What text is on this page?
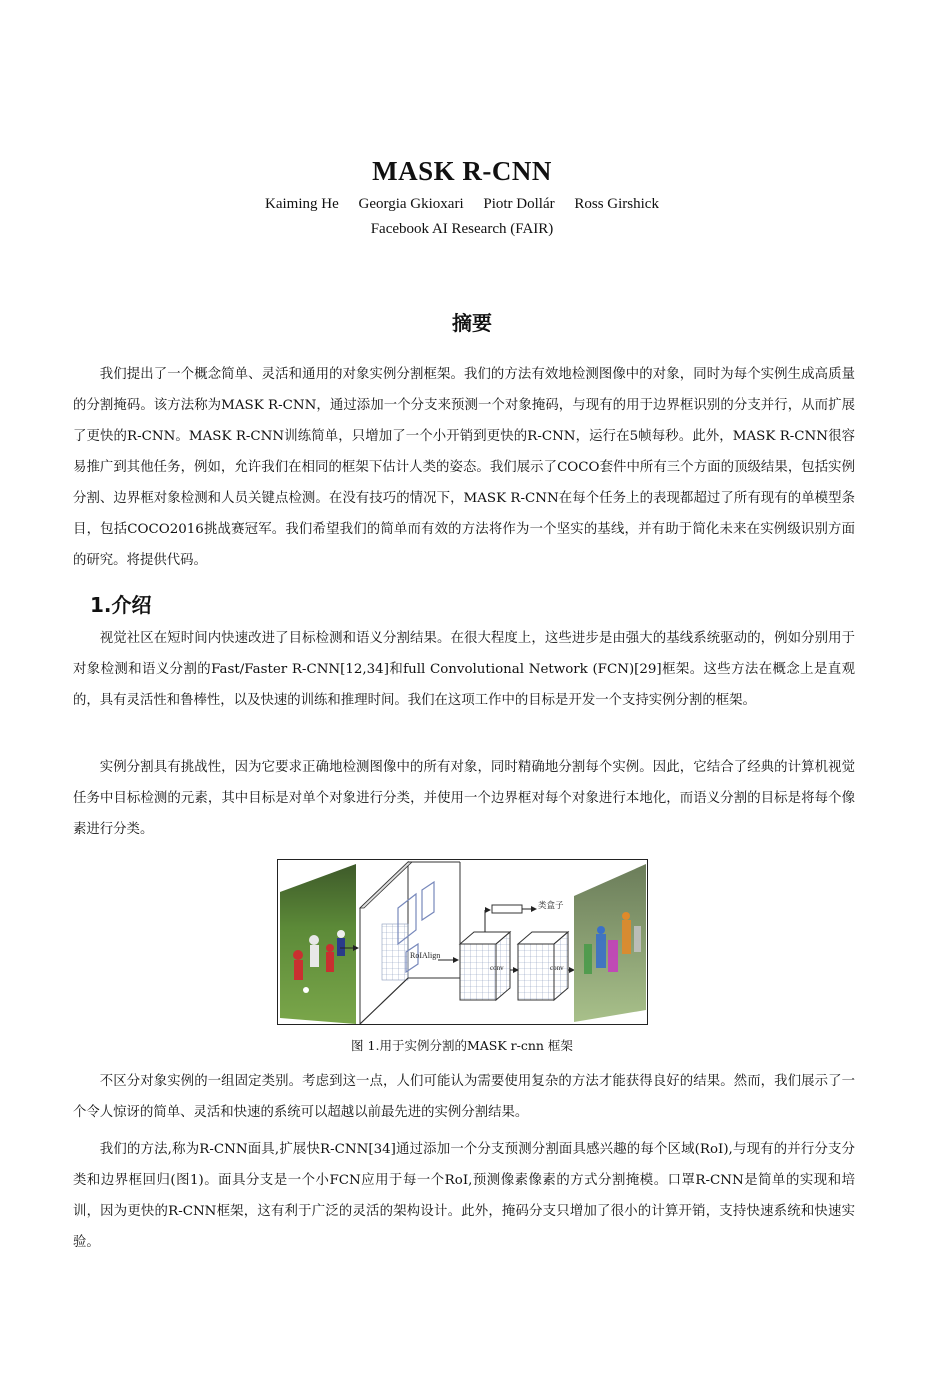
MASK R-CNN
Kaiming He Georgia Gkioxari Piotr Dollár Ross Girshick
Facebook AI Research (FAIR)
摘要

我们提出了一个概念简单、灵活和通用的对象实例分割框架。我们的方法有效地检测图像中的对象，同时为每个实例生成高质量的分割掩码。该方法称为MASK R-CNN，通过添加一个分支来预测一个对象掩码，与现有的用于边界框识别的分支并行，从而扩展了更快的R-CNN。MASK R-CNN训练简单，只增加了一个小开销到更快的R-CNN，运行在5帧每秒。此外，MASK R-CNN很容易推广到其他任务，例如，允许我们在相同的框架下估计人类的姿态。我们展示了COCO套件中所有三个方面的顶级结果，包括实例分割、边界框对象检测和人员关键点检测。在没有技巧的情况下，MASK R-CNN在每个任务上的表现都超过了所有现有的单模型条目，包括COCO2016挑战赛冠军。我们希望我们的简单而有效的方法将作为一个坚实的基线，并有助于简化未来在实例级识别方面的研究。将提供代码。

1.介绍

视觉社区在短时间内快速改进了目标检测和语义分割结果。在很大程度上，这些进步是由强大的基线系统驱动的，例如分别用于对象检测和语义分割的Fast/Faster R-CNN[12,34]和full Convolutional Network (FCN)[29]框架。这些方法在概念上是直观的，具有灵活性和鲁棒性，以及快速的训练和推理时间。我们在这项工作中的目标是开发一个支持实例分割的框架。

实例分割具有挑战性，因为它要求正确地检测图像中的所有对象，同时精确地分割每个实例。因此，它结合了经典的计算机视觉任务中目标检测的元素，其中目标是对单个对象进行分类，并使用一个边界框对每个对象进行本地化，而语义分割的目标是将每个像素进行分类。

RoIAlign
conv
类盒子
conv
图 1.用于实例分割的MASK r-cnn 框架

不区分对象实例的一组固定类别。考虑到这一点，人们可能认为需要使用复杂的方法才能获得良好的结果。然而，我们展示了一个令人惊讶的简单、灵活和快速的系统可以超越以前最先进的实例分割结果。

我们的方法,称为R-CNN面具,扩展快R-CNN[34]通过添加一个分支预测分割面具感兴趣的每个区域(RoI),与现有的并行分支分类和边界框回归(图1)。面具分支是一个小FCN应用于每一个RoI,预测像素像素的方式分割掩模。口罩R-CNN是简单的实现和培训，因为更快的R-CNN框架，这有利于广泛的灵活的架构设计。此外，掩码分支只增加了很小的计算开销，支持快速系统和快速实验。
